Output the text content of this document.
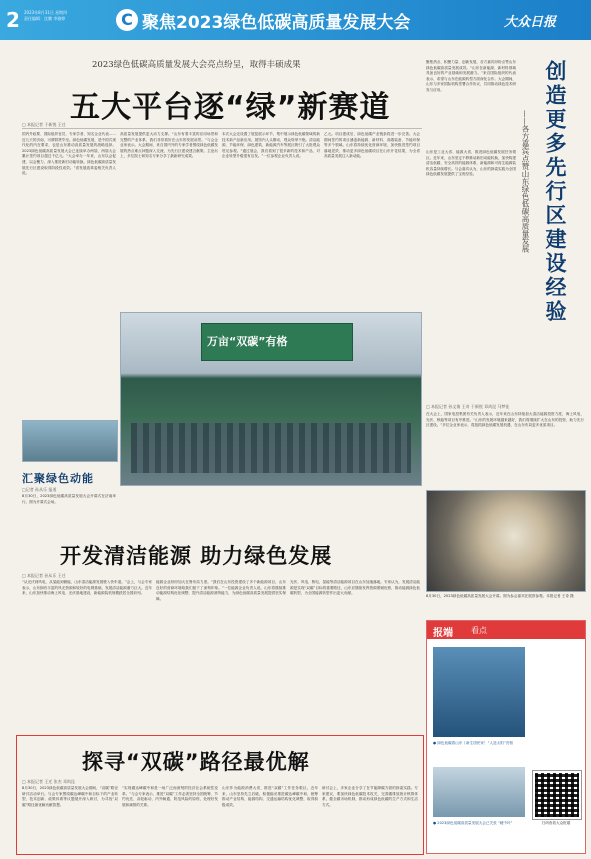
2 2023年8月31日 星期四
责任编辑：沈鹏 李雅婷	C 聚焦2023绿色低碳高质量发展大会	大众日报
2023绿色低碳高质量发展大会亮点纷呈，取得丰硕成果
五大平台逐“绿”新赛道
□ 本报记者 于新悦 王迁
国内外政要、国际组织官员、专家学者、知名企业代表……近几天的济南，可谓群贤毕至。绿色低碳发展，是中国式现代化的内在要求，也是山东推动高质量发展的战略选择。2023绿色低碳高质量发展大会已连续举办两届，两届大会累计签约项目超过千亿元。“大会举办一年来，山东以会促建、以会聚力，深入推进新旧动能转换，绿色低碳高质量发展先行区建设取得阶段性成效。”省发展改革委相关负责人说。
高质量发展提供更大动力支撑。“山东有着丰富的应用场景和完整的产业体系，我们非常看好在山东的发展前景。”与会企业家表示。大会期间，来自国内外的专家学者围绕绿色低碳发展的热点难点问题深入交流，为先行区建设建言献策。主论坛上，多位院士和知名专家分享了最新研究成果。
本次大会还设置了展览展示环节，集中展示绿色低碳领域的新技术新产品新应用。展馆内人头攒动，观众络绎不绝。清洁能源、节能环保、绿色建筑、新能源汽车等展区吸引了大批观众驻足参观。“通过展会，我们看到了很多新的技术和产品，对企业转型升级很有启发。”一位参观企业负责人说。
乙元。项目建成后，绿色低碳产业链条将进一步完善。大会期间签约的项目涵盖新能源、新材料、高端装备、节能环保等多个领域。山东将持续优化营商环境，加快推进签约项目落地见效，推动更多绿色低碳项目在山东开花结果，为全省高质量发展注入新动能。	创造更多先行区建设经验
——各方嘉宾点赞山东绿色低碳高质量发展
聚焦热点、积聚力量、创新发展，各方嘉宾纷纷点赞山东绿色低碳高质量发展成效。“山东在新能源、新材料领域具备良好的产业基础和发展潜力。”来自国际组织的代表表示，希望与山东在能源转型方面深化合作。大会期间，山东与多家国际机构签署合作协议，共同推动绿色技术研发与应用。
山东是工业大省、能源大省，推进绿色低碳发展任务艰巨。近年来，山东坚定不移推动新旧动能转换，加快构建清洁低碳、安全高效的能源体系，新能源和可再生能源装机容量持续增长。与会嘉宾认为，山东的探索实践为全国绿色低碳发展提供了宝贵经验。
□ 本报记者 孙文倩 王奇 于新悦 邓尚昆 马梦佳
在大会上，国家电投集团有关负责人表示，近年来在山东持续加大清洁能源投资力度，海上风电、光伏、核能等项目有序推进。“山东的发展环境越来越好，我们将继续扩大在山东的投资，助力先行区建设。”多位企业家表示，将抢抓绿色低碳发展机遇，在山东布局更多优质项目。
万亩“双碳”有格
汇聚绿色动能
□记者 孙从乐 报道
8月30日，2023绿色低碳高质量发展大会开幕式在济南举行。图为开幕式会场。
8月30日，2023绿色低碳高质量发展大会开幕。图为参会嘉宾在展馆参观。本报记者 王奇 摄
开发清洁能源 助力绿色发展
□ 本报记者 孙从乐 王迁
“从光伏到风电，从氢能到储能，山东清洁能源发展驶入快车道。”会上，与会专家表示，山东拥有丰富的风光资源和较好的电网基础，发展清洁能源潜力巨大。近年来，山东加快推动海上风电、光伏基地建设，新能源装机规模跃居全国前列。
能源企业纷纷加大在鲁布局力度。“我们在山东投资建设了多个新能源项目，山东良好的营商环境给我们留下了深刻印象。”一位能源企业负责人说。山东将继续推动能源结构优化调整，提升清洁能源消纳能力，为绿色低碳高质量发展提供坚实保障。
光伏、风电、核电、氢能等清洁能源项目在山东加速落地。专家认为，发展清洁能源是实现“双碳”目标的重要路径，山东应继续发挥资源禀赋优势，推动能源绿色低碳转型，为全国能源转型作出更大贡献。
探寻“双碳”路径最优解
□ 本报记者 王迁 张杰 邓尚昆
8月30日，2023绿色低碳高质量发展大会期间，“双碳”路径研讨活动举行。与会专家围绕碳达峰碳中和目标下的产业转型、技术创新、政策体系等议题展开深入研讨，为寻找“双碳”路径最优解贡献智慧。
“实现碳达峰碳中和是一场广泛而深刻的经济社会系统性变革。”与会专家表示，推进“双碳”工作必须坚持全国统筹、节约优先、双轮驱动、内外畅通、防范风险的原则，处理好发展和减排的关系。
山东作为能源消费大省，推进“双碳”工作任务艰巨。近年来，山东坚持先立后破，积极稳妥推进碳达峰碳中和，统筹推动产业结构、能源结构、交通运输结构优化调整，取得积极成效。
研讨会上，多家企业分享了在节能降碳方面的探索实践。专家建议，要加快绿色低碳技术攻关，完善碳排放统计核算体系，健全碳市场机制，推动形成绿色低碳的生产方式和生活方式。
报端 看点
● 绿色低碳看山东丨新生国民家！“人造太阳”亮相
● 2023绿色低碳高质量发展大会已关张 “硬中叶”	扫码查看大众报端
